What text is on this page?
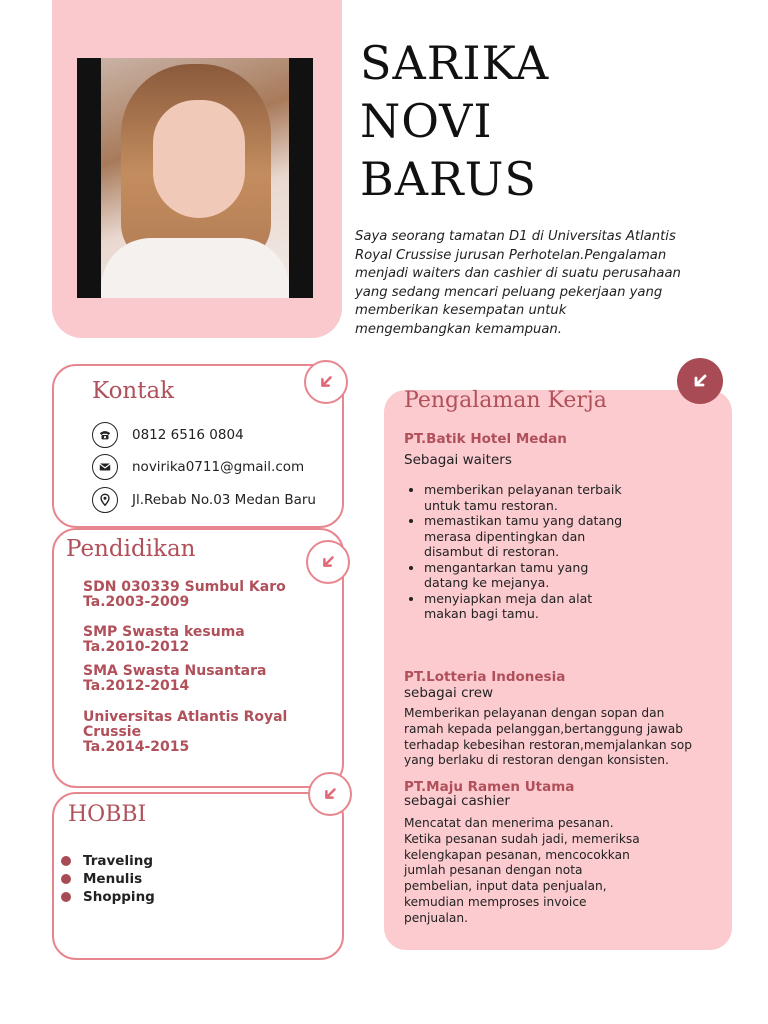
SARIKA
NOVI
BARUS
Saya seorang tamatan D1 di Universitas Atlantis Royal Crussise jurusan Perhotelan.Pengalaman menjadi waiters dan cashier di suatu perusahaan yang sedang mencari peluang pekerjaan yang memberikan kesempatan untuk mengembangkan kemampuan.
Kontak
0812 6516 0804
novirika0711@gmail.com
Jl.Rebab No.03 Medan Baru
Pendidikan
SDN 030339 Sumbul Karo
Ta.2003-2009
SMP Swasta kesuma
Ta.2010-2012
SMA Swasta Nusantara
Ta.2012-2014
Universitas Atlantis Royal Crussie
Ta.2014-2015
HOBBI
Traveling
Menulis
Shopping
Pengalaman Kerja
PT.Batik Hotel Medan
Sebagai waiters
• memberikan pelayanan terbaik untuk tamu restoran.
• memastikan tamu yang datang merasa dipentingkan dan disambut di restoran.
• mengantarkan tamu yang datang ke mejanya.
• menyiapkan meja dan alat makan bagi tamu.
PT.Lotteria Indonesia
sebagai crew
Memberikan pelayanan dengan sopan dan ramah kepada pelanggan,bertanggung jawab terhadap kebesihan restoran,memjalankan sop yang berlaku di restoran dengan konsisten.
PT.Maju Ramen Utama
sebagai cashier
Mencatat dan menerima pesanan. Ketika pesanan sudah jadi, memeriksa kelengkapan pesanan, mencocokkan jumlah pesanan dengan nota pembelian, input data penjualan, kemudian memproses invoice penjualan.
